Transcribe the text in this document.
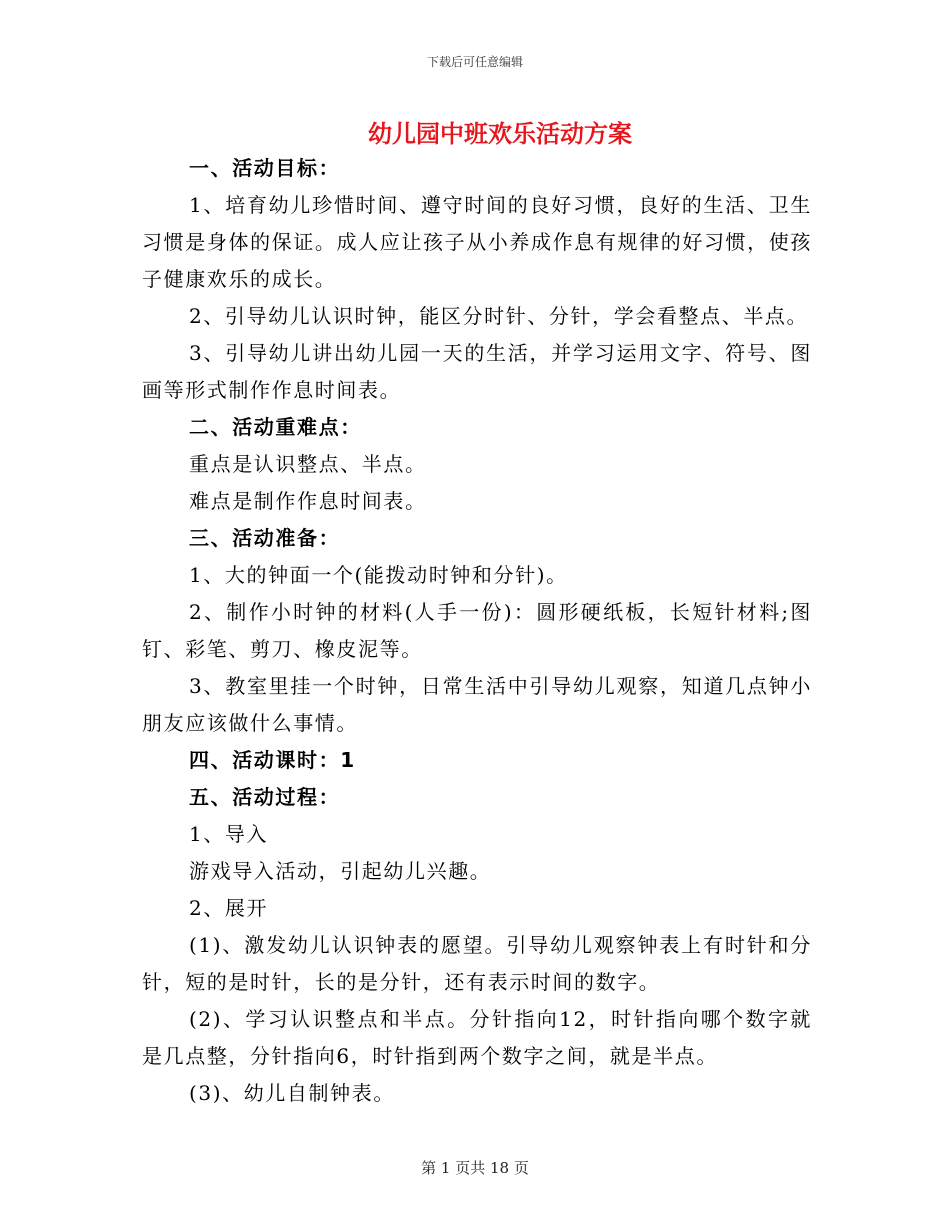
下载后可任意编辑
幼儿园中班欢乐活动方案

一、活动目标：

1、培育幼儿珍惜时间、遵守时间的良好习惯，良好的生活、卫生习惯是身体的保证。成人应让孩子从小养成作息有规律的好习惯，使孩子健康欢乐的成长。

2、引导幼儿认识时钟，能区分时针、分针，学会看整点、半点。

3、引导幼儿讲出幼儿园一天的生活，并学习运用文字、符号、图画等形式制作作息时间表。

二、活动重难点：

重点是认识整点、半点。

难点是制作作息时间表。

三、活动准备：

1、大的钟面一个(能拨动时钟和分针)。

2、制作小时钟的材料(人手一份)：圆形硬纸板，长短针材料;图钉、彩笔、剪刀、橡皮泥等。

3、教室里挂一个时钟，日常生活中引导幼儿观察，知道几点钟小朋友应该做什么事情。

四、活动课时：1

五、活动过程：

1、导入

游戏导入活动，引起幼儿兴趣。

2、展开

(1)、激发幼儿认识钟表的愿望。引导幼儿观察钟表上有时针和分针，短的是时针，长的是分针，还有表示时间的数字。

(2)、学习认识整点和半点。分针指向12，时针指向哪个数字就是几点整，分针指向6，时针指到两个数字之间，就是半点。

(3)、幼儿自制钟表。

第 1 页共 18 页
